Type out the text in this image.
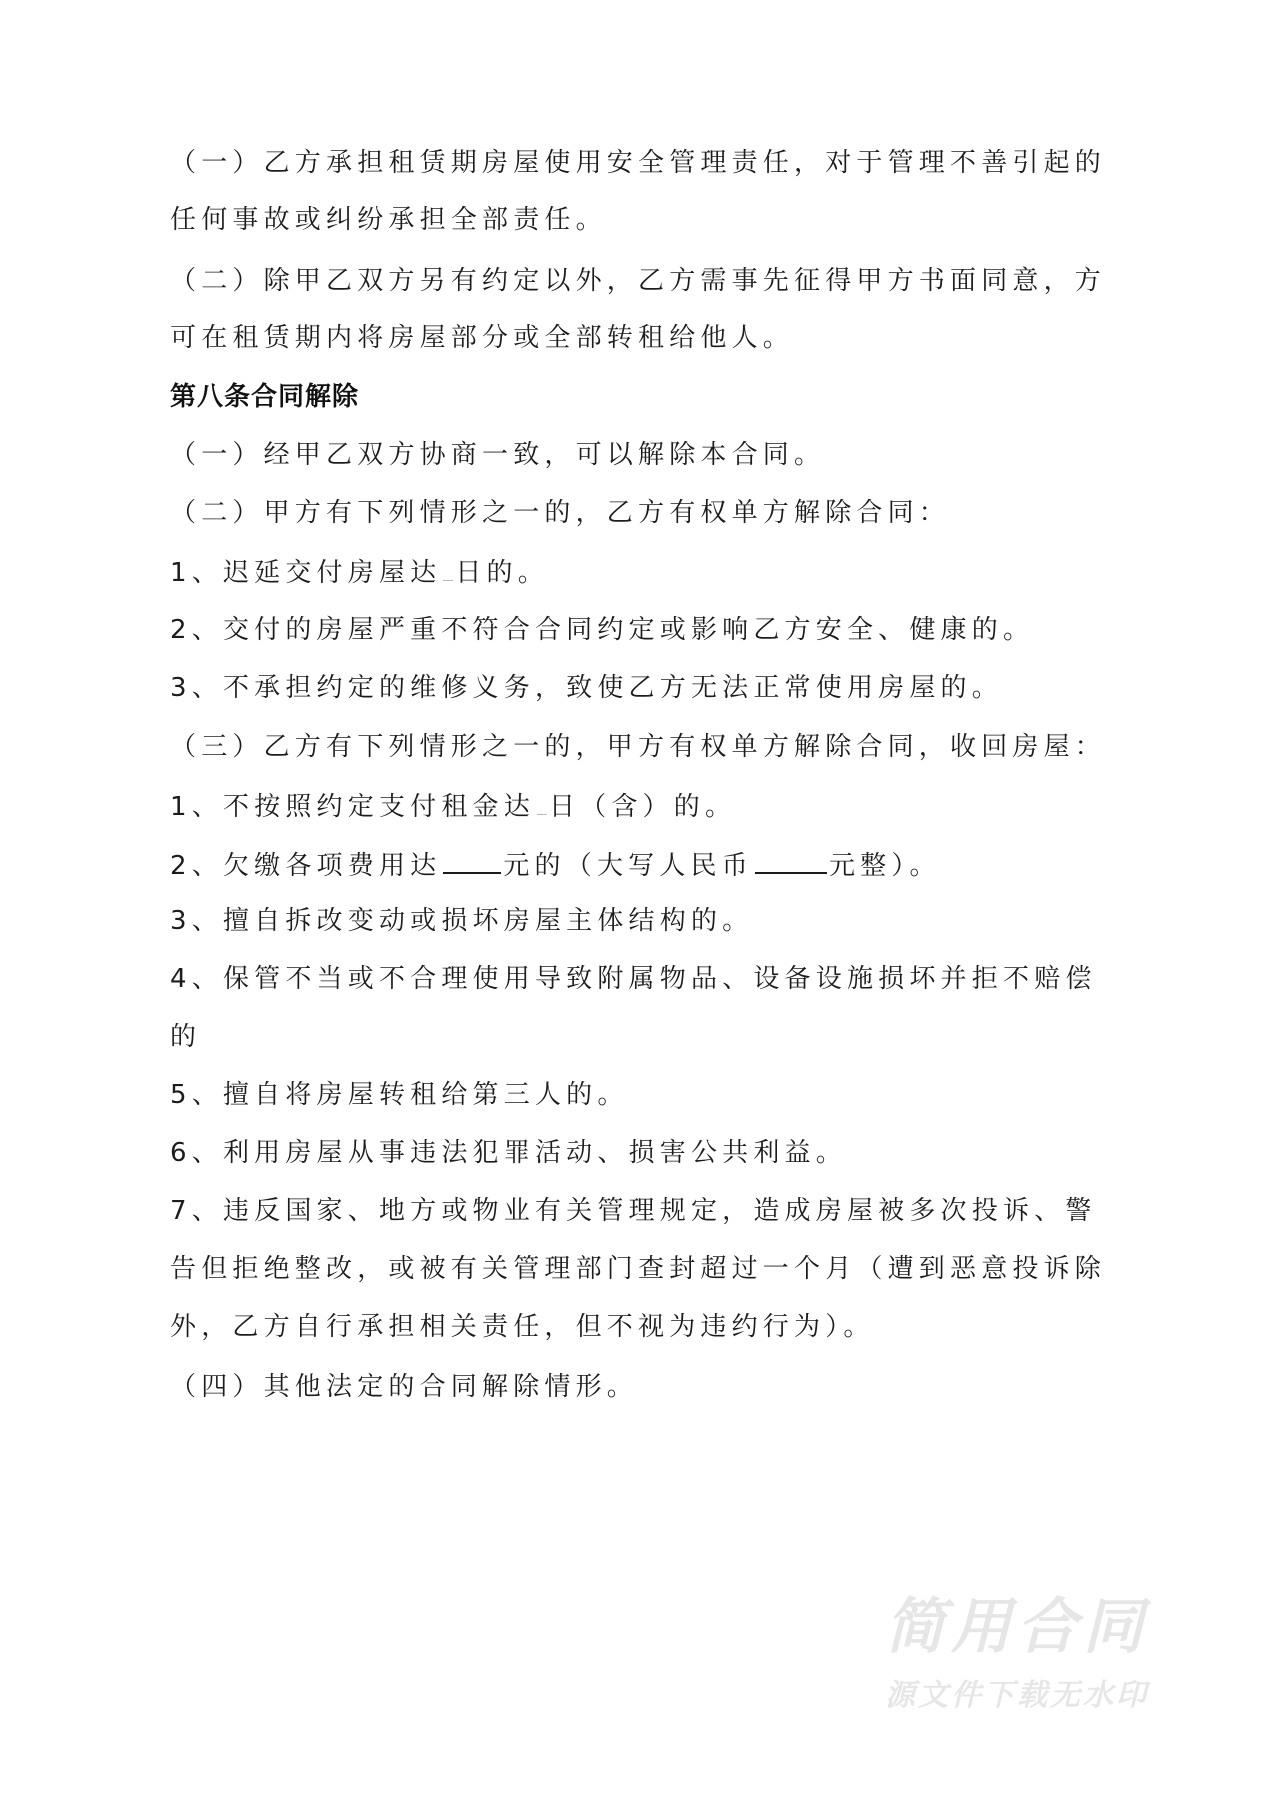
（一）乙方承担租赁期房屋使用安全管理责任，对于管理不善引起的
任何事故或纠纷承担全部责任。
（二）除甲乙双方另有约定以外，乙方需事先征得甲方书面同意，方
可在租赁期内将房屋部分或全部转租给他人。
第八条合同解除
（一）经甲乙双方协商一致，可以解除本合同。
（二）甲方有下列情形之一的，乙方有权单方解除合同：
1、迟延交付房屋达 日的。
2、交付的房屋严重不符合合同约定或影响乙方安全、健康的。
3、不承担约定的维修义务，致使乙方无法正常使用房屋的。
（三）乙方有下列情形之一的，甲方有权单方解除合同，收回房屋：
1、不按照约定支付租金达 日（含）的。
2、欠缴各项费用达 元的（大写人民币	元整）。
3、擅自拆改变动或损坏房屋主体结构的。
4、保管不当或不合理使用导致附属物品、设备设施损坏并拒不赔偿
的
5、擅自将房屋转租给第三人的。
6、利用房屋从事违法犯罪活动、损害公共利益。
7、违反国家、地方或物业有关管理规定，造成房屋被多次投诉、警
告但拒绝整改，或被有关管理部门查封超过一个月（遭到恶意投诉除
外，乙方自行承担相关责任，但不视为违约行为）。
（四）其他法定的合同解除情形。
简用合同
源文件下载无水印
